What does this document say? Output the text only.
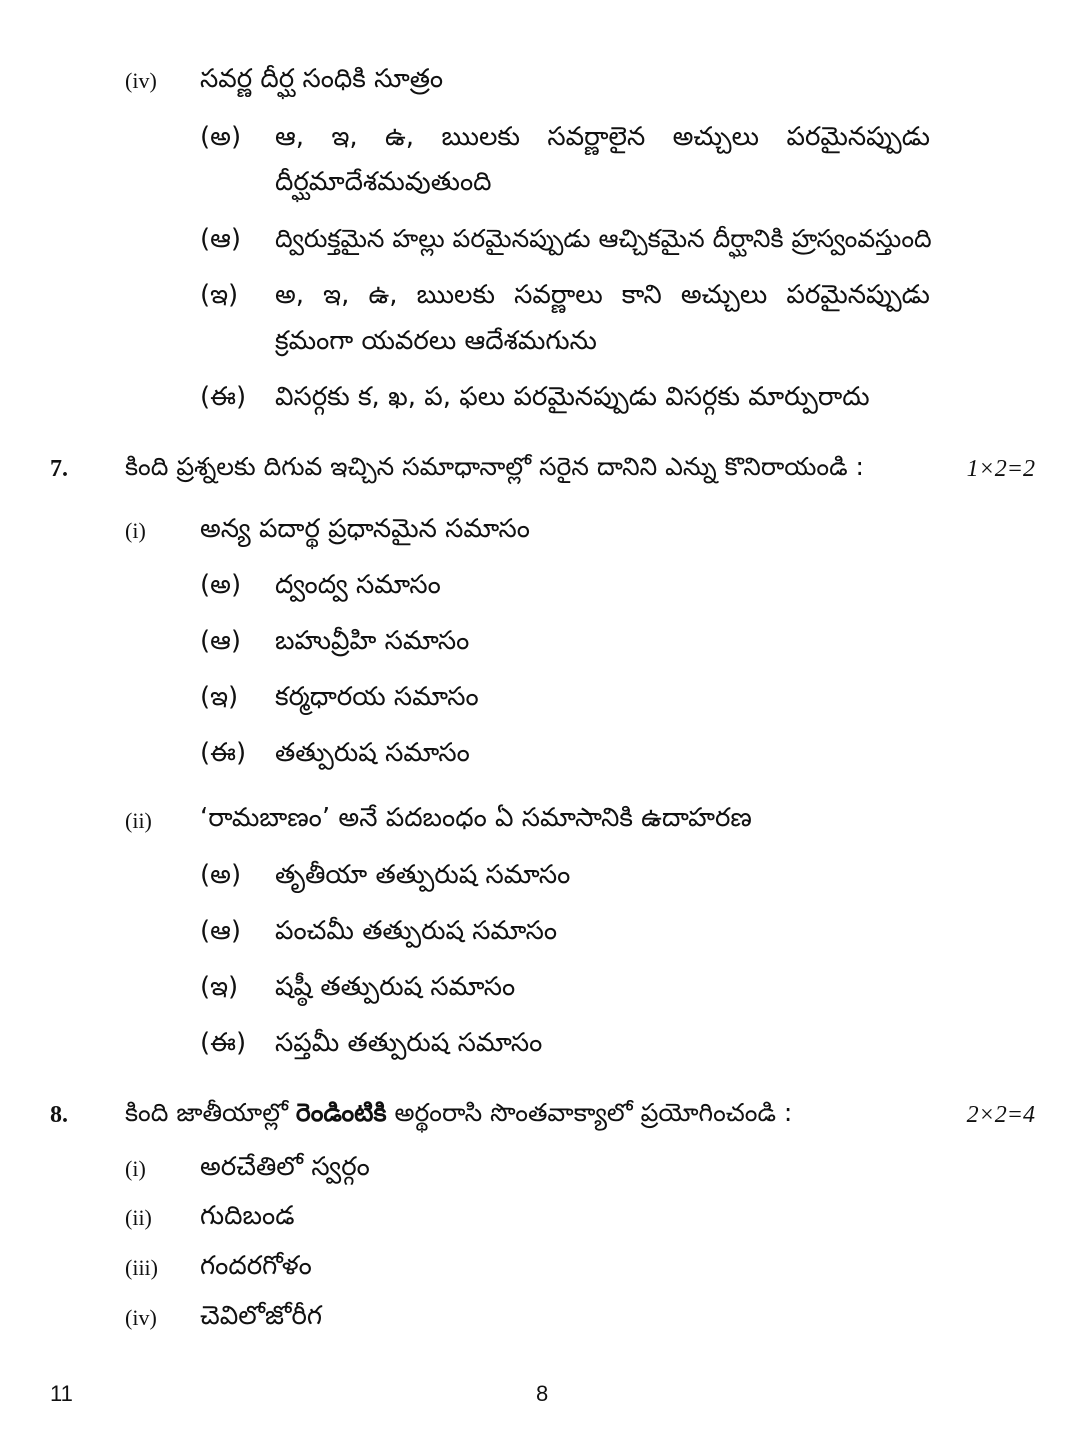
(iv) సవర్ణ దీర్ఘ సంధికి సూత్రం
(అ) ఆ, ఇ, ఉ, ఋలకు సవర్ణాలైన అచ్చులు పరమైనప్పుడు
దీర్ఘమాదేశమవుతుంది
(ఆ) ద్విరుక్తమైన హల్లు పరమైనప్పుడు ఆచ్చికమైన దీర్ఘానికి హ్రస్వంవస్తుంది
(ఇ) అ, ఇ, ఉ, ఋలకు సవర్ణాలు కాని అచ్చులు పరమైనప్పుడు
క్రమంగా యవరలు ఆదేశమగును
(ఈ) విసర్గకు క, ఖ, ప, ఫలు పరమైనప్పుడు విసర్గకు మార్పురాదు
7. కింది ప్రశ్నలకు దిగువ ఇచ్చిన సమాధానాల్లో సరైన దానిని ఎన్ను కొనిరాయండి :	1×2=2
(i) అన్య పదార్థ ప్రధానమైన సమాసం
(అ) ద్వంద్వ సమాసం
(ఆ) బహువ్రీహి సమాసం
(ఇ) కర్మధారయ సమాసం
(ఈ) తత్పురుష సమాసం
(ii) ‘రామబాణం’ అనే పదబంధం ఏ సమాసానికి ఉదాహరణ
(అ) తృతీయా తత్పురుష సమాసం
(ఆ) పంచమీ తత్పురుష సమాసం
(ఇ) షష్ఠీ తత్పురుష సమాసం
(ఈ) సప్తమీ తత్పురుష సమాసం
8. కింది జాతీయాల్లో రెండింటికి అర్థంరాసి సొంతవాక్యాలో ప్రయోగించండి :	2×2=4
(i) అరచేతిలో స్వర్గం
(ii) గుదిబండ
(iii) గందరగోళం
(iv) చెవిలోజోరీగ
11	8
